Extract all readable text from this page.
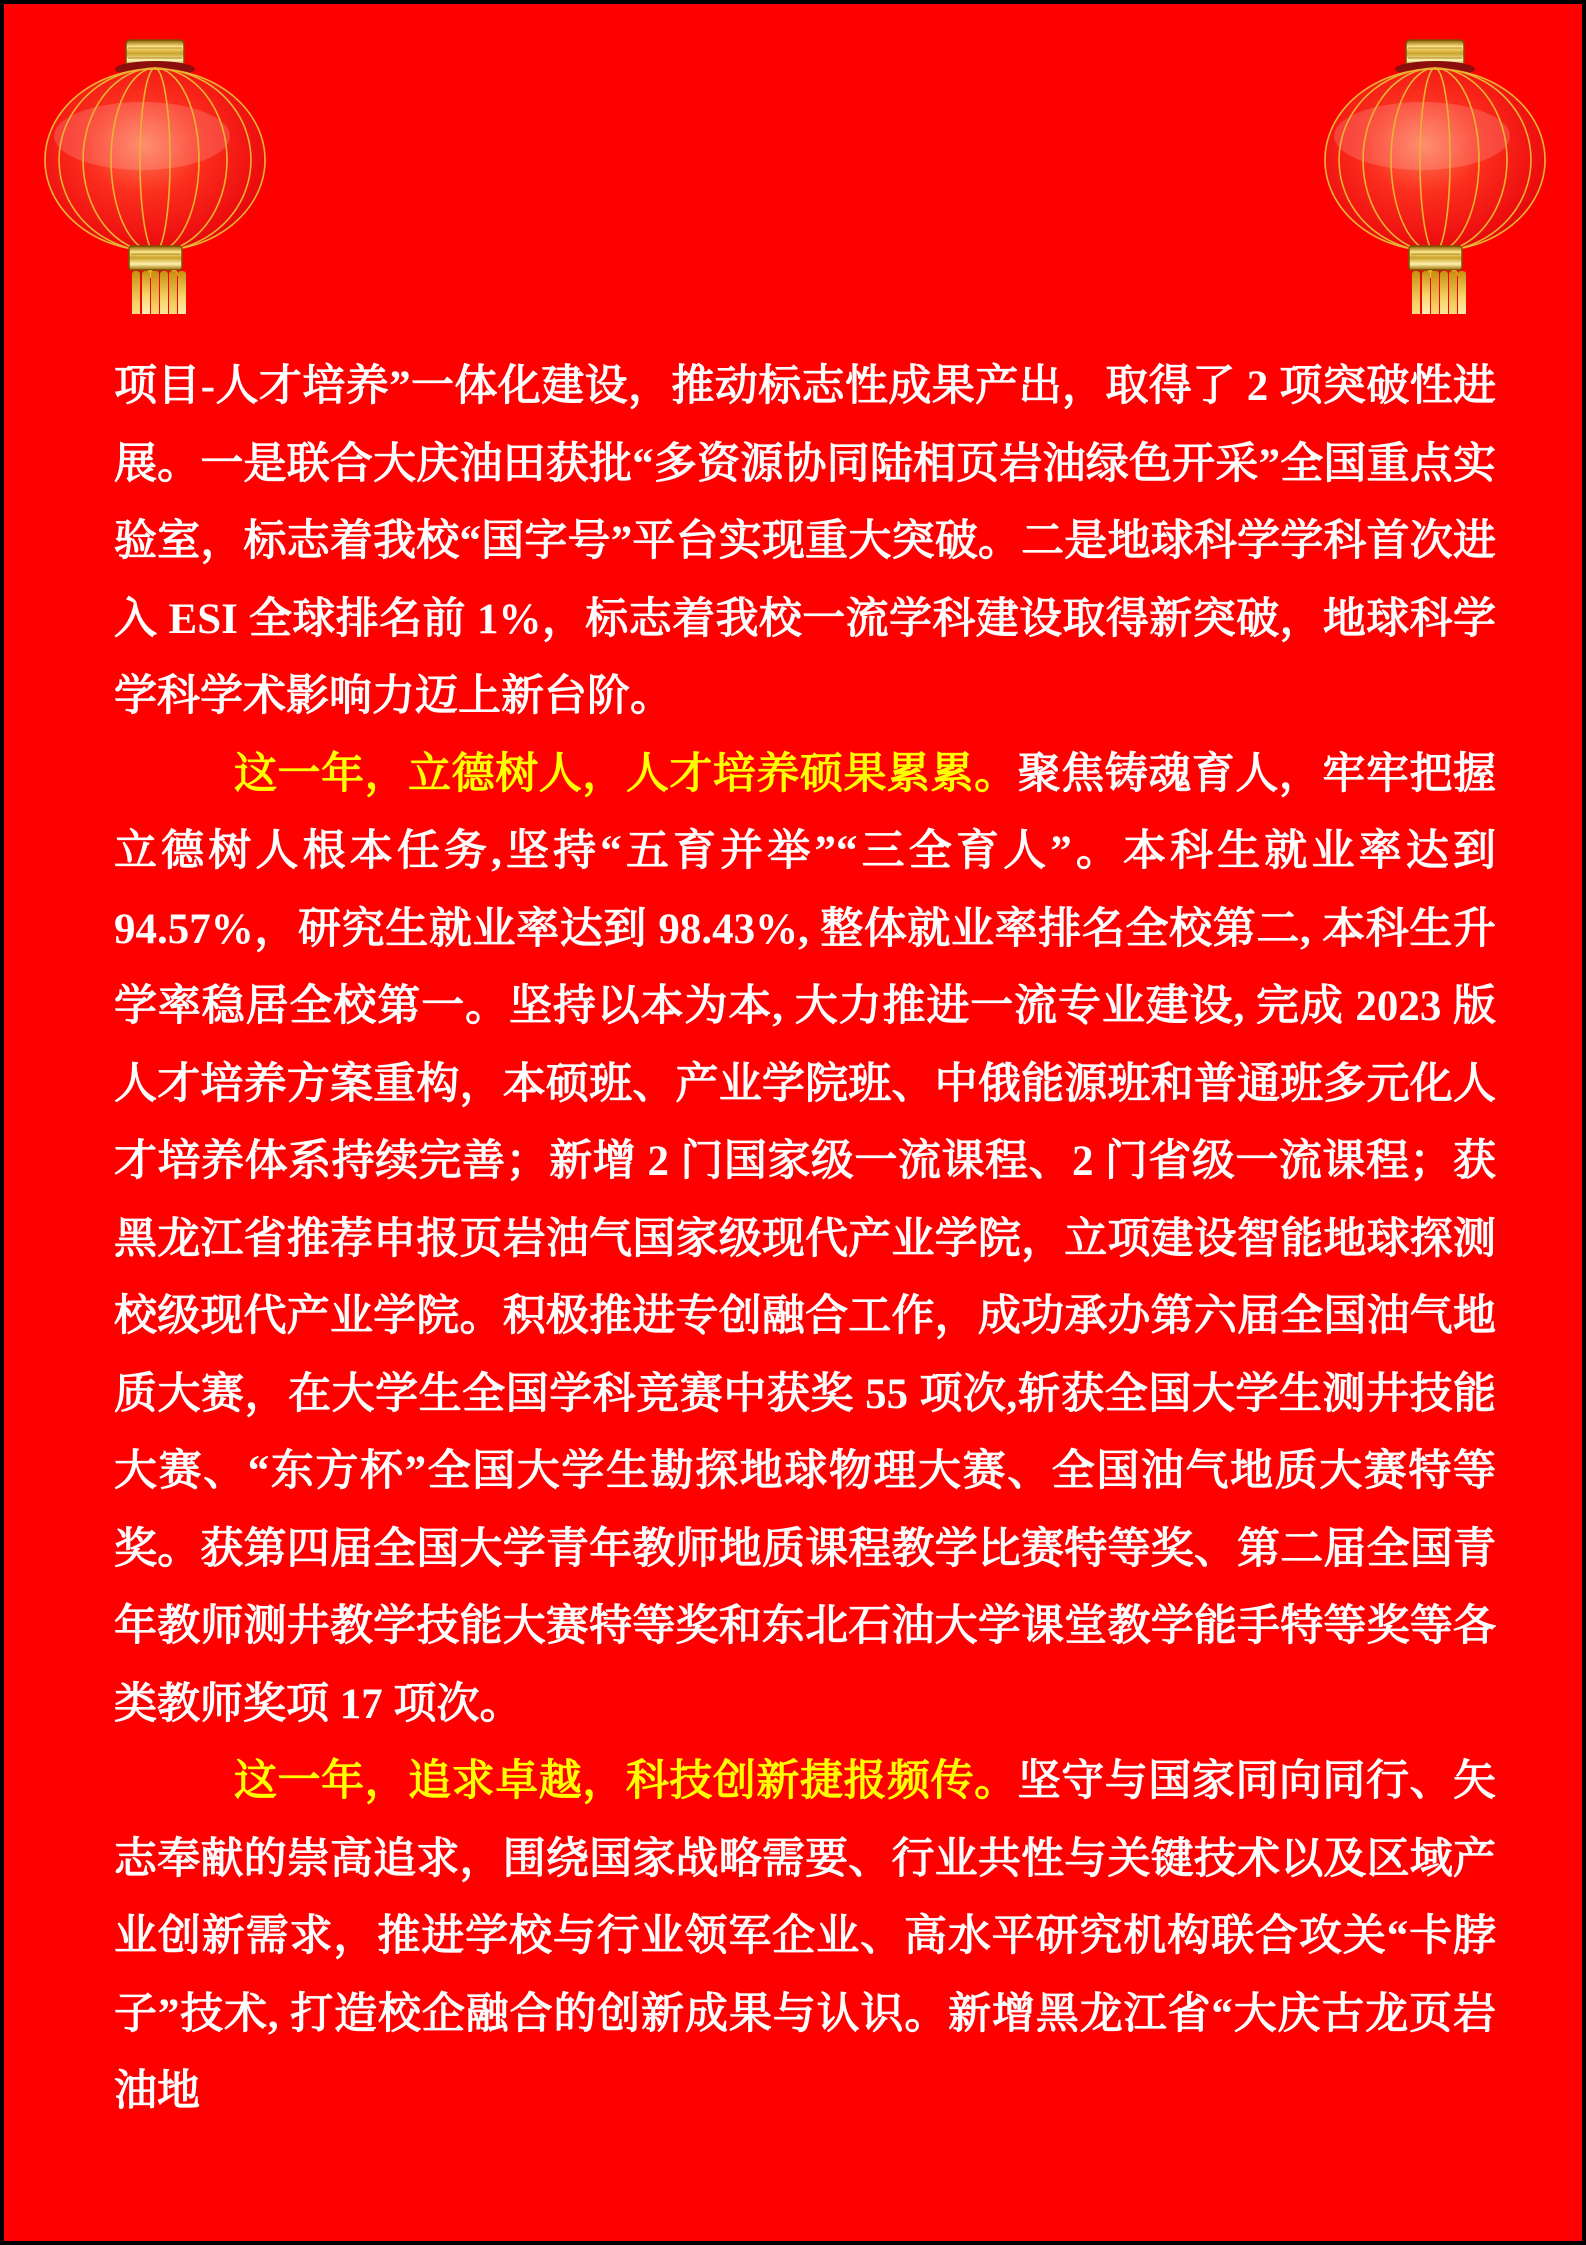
项目-人才培养”一体化建设，推动标志性成果产出，取得了 2 项突破性进展。一是联合大庆油田获批“多资源协同陆相页岩油绿色开采”全国重点实验室，标志着我校“国字号”平台实现重大突破。二是地球科学学科首次进入 ESI 全球排名前 1%，标志着我校一流学科建设取得新突破，地球科学学科学术影响力迈上新台阶。

这一年，立德树人，人才培养硕果累累。聚焦铸魂育人，牢牢把握立德树人根本任务,坚持“五育并举”“三全育人”。本科生就业率达到 94.57%，研究生就业率达到 98.43%, 整体就业率排名全校第二, 本科生升学率稳居全校第一。坚持以本为本, 大力推进一流专业建设, 完成 2023 版人才培养方案重构，本硕班、产业学院班、中俄能源班和普通班多元化人才培养体系持续完善；新增 2 门国家级一流课程、2 门省级一流课程；获黑龙江省推荐申报页岩油气国家级现代产业学院，立项建设智能地球探测校级现代产业学院。积极推进专创融合工作，成功承办第六届全国油气地质大赛，在大学生全国学科竞赛中获奖 55 项次,斩获全国大学生测井技能大赛、“东方杯”全国大学生勘探地球物理大赛、全国油气地质大赛特等奖。获第四届全国大学青年教师地质课程教学比赛特等奖、第二届全国青年教师测井教学技能大赛特等奖和东北石油大学课堂教学能手特等奖等各类教师奖项 17 项次。

这一年，追求卓越，科技创新捷报频传。坚守与国家同向同行、矢志奉献的崇高追求，围绕国家战略需要、行业共性与关键技术以及区域产业创新需求，推进学校与行业领军企业、高水平研究机构联合攻关“卡脖子”技术, 打造校企融合的创新成果与认识。新增黑龙江省“大庆古龙页岩油地
